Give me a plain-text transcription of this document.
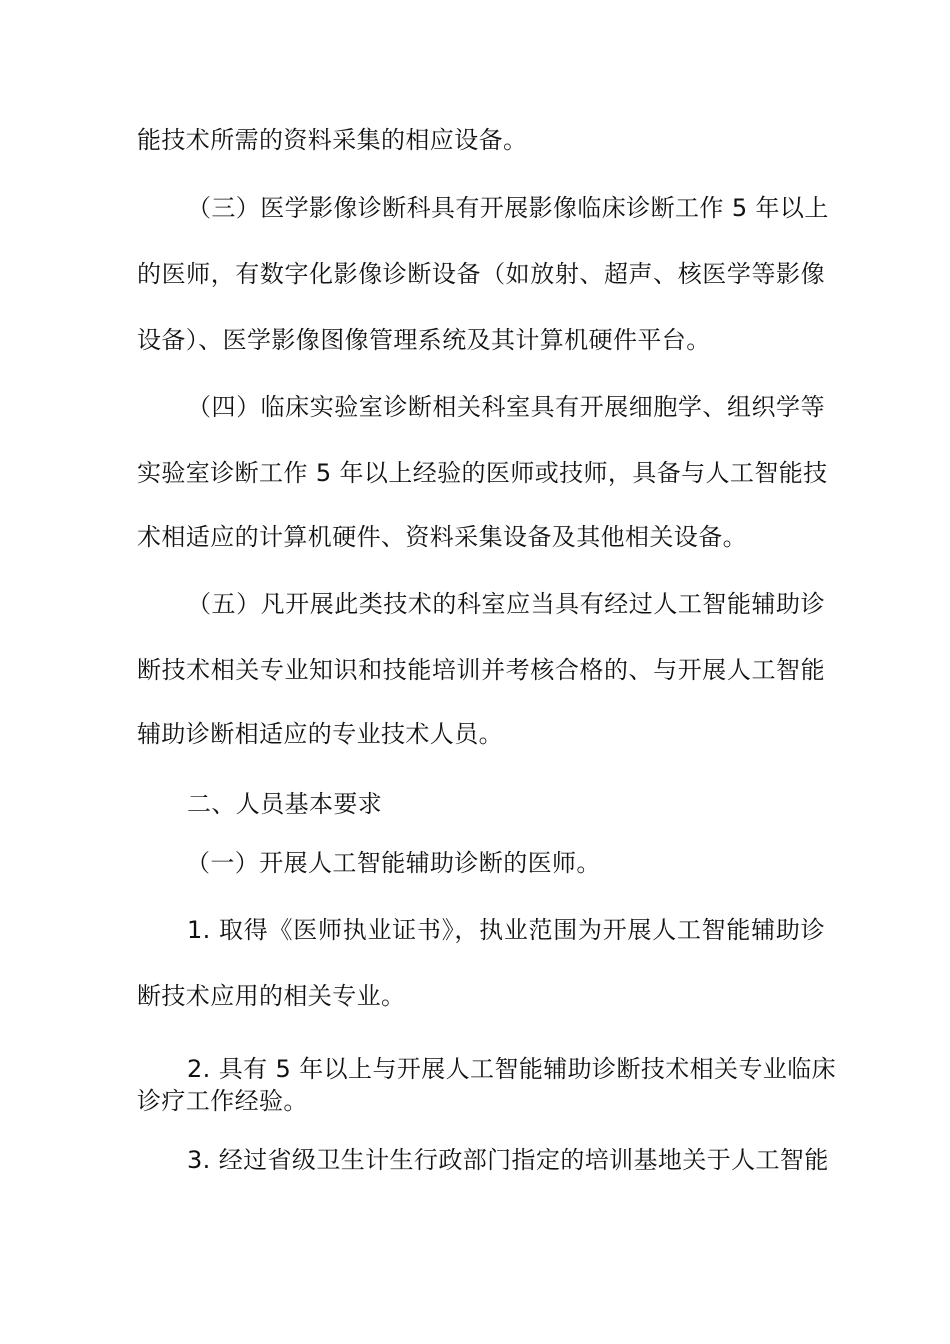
能技术所需的资料采集的相应设备。
（三）医学影像诊断科具有开展影像临床诊断工作 5 年以上
的医师，有数字化影像诊断设备（如放射、超声、核医学等影像
设备）、医学影像图像管理系统及其计算机硬件平台。
（四）临床实验室诊断相关科室具有开展细胞学、组织学等
实验室诊断工作 5 年以上经验的医师或技师，具备与人工智能技
术相适应的计算机硬件、资料采集设备及其他相关设备。
（五）凡开展此类技术的科室应当具有经过人工智能辅助诊
断技术相关专业知识和技能培训并考核合格的、与开展人工智能
辅助诊断相适应的专业技术人员。
二、人员基本要求
（一）开展人工智能辅助诊断的医师。
1. 取得《医师执业证书》，执业范围为开展人工智能辅助诊
断技术应用的相关专业。
2. 具有 5 年以上与开展人工智能辅助诊断技术相关专业临床
诊疗工作经验。
3. 经过省级卫生计生行政部门指定的培训基地关于人工智能
